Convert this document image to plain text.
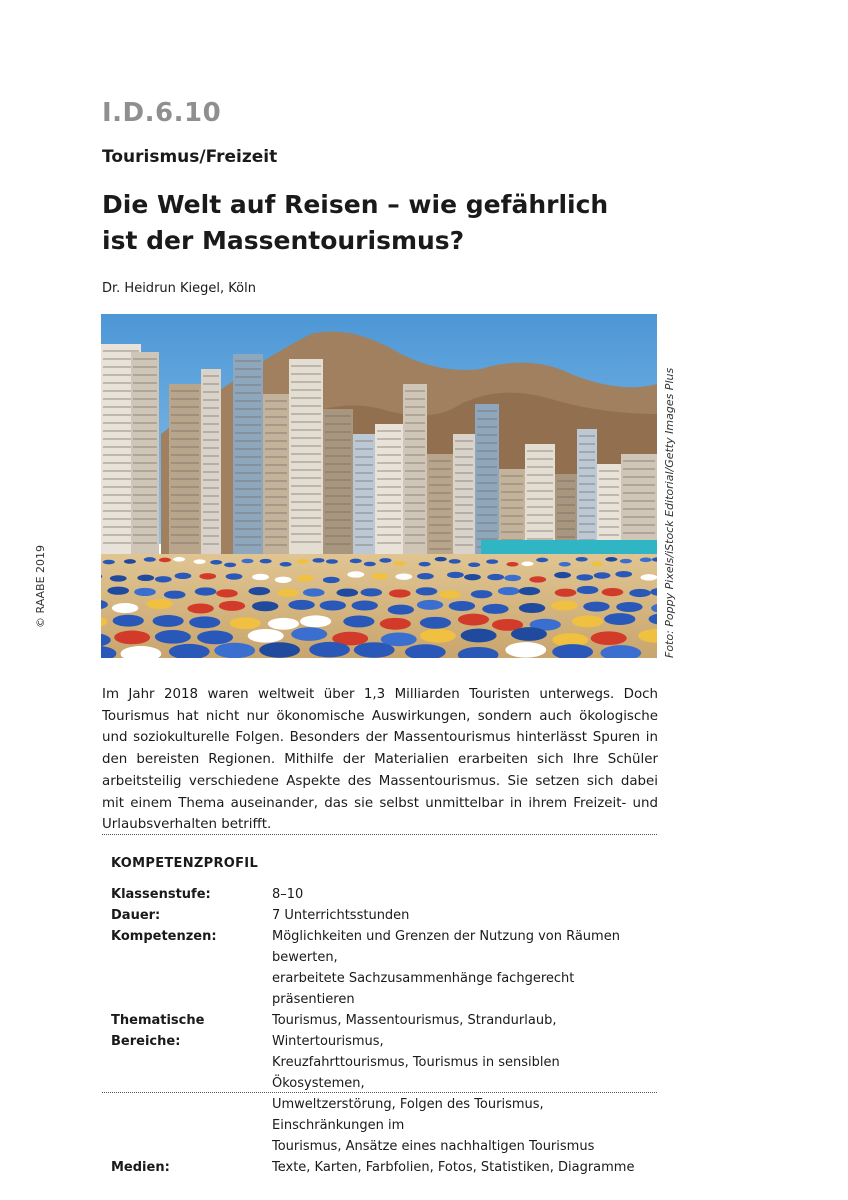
I.D.6.10
Tourismus/Freizeit
Die Welt auf Reisen – wie gefährlich
ist der Massentourismus?
Dr. Heidrun Kiegel, Köln
Foto: Poppy Pixels/iStock Editorial/Getty Images Plus
© RAABE 2019
Im Jahr 2018 waren weltweit über 1,3 Milliarden Touristen unterwegs. Doch Tourismus hat nicht nur ökonomische Auswirkungen, sondern auch ökologische und soziokulturelle Folgen. Besonders der Massentourismus hinterlässt Spuren in den bereisten Regionen. Mithilfe der Materialien erarbeiten sich Ihre Schüler arbeitsteilig verschiedene Aspekte des Massentourismus. Sie setzen sich dabei mit einem Thema auseinander, das sie selbst unmittelbar in ihrem Freizeit- und Urlaubsverhalten betrifft.
KOMPETENZPROFIL
Klassenstufe:	8–10
Dauer:	7 Unterrichtsstunden
Kompetenzen:	Möglichkeiten und Grenzen der Nutzung von Räumen bewerten,
erarbeitete Sachzusammenhänge fachgerecht präsentieren
Thematische Bereiche:
Tourismus, Massentourismus, Strandurlaub, Wintertourismus,
Kreuzfahrttourismus, Tourismus in sensiblen Ökosystemen,
Umweltzerstörung, Folgen des Tourismus, Einschränkungen im
Tourismus, Ansätze eines nachhaltigen Tourismus
Medien:	Texte, Karten, Farbfolien, Fotos, Statistiken, Diagramme
